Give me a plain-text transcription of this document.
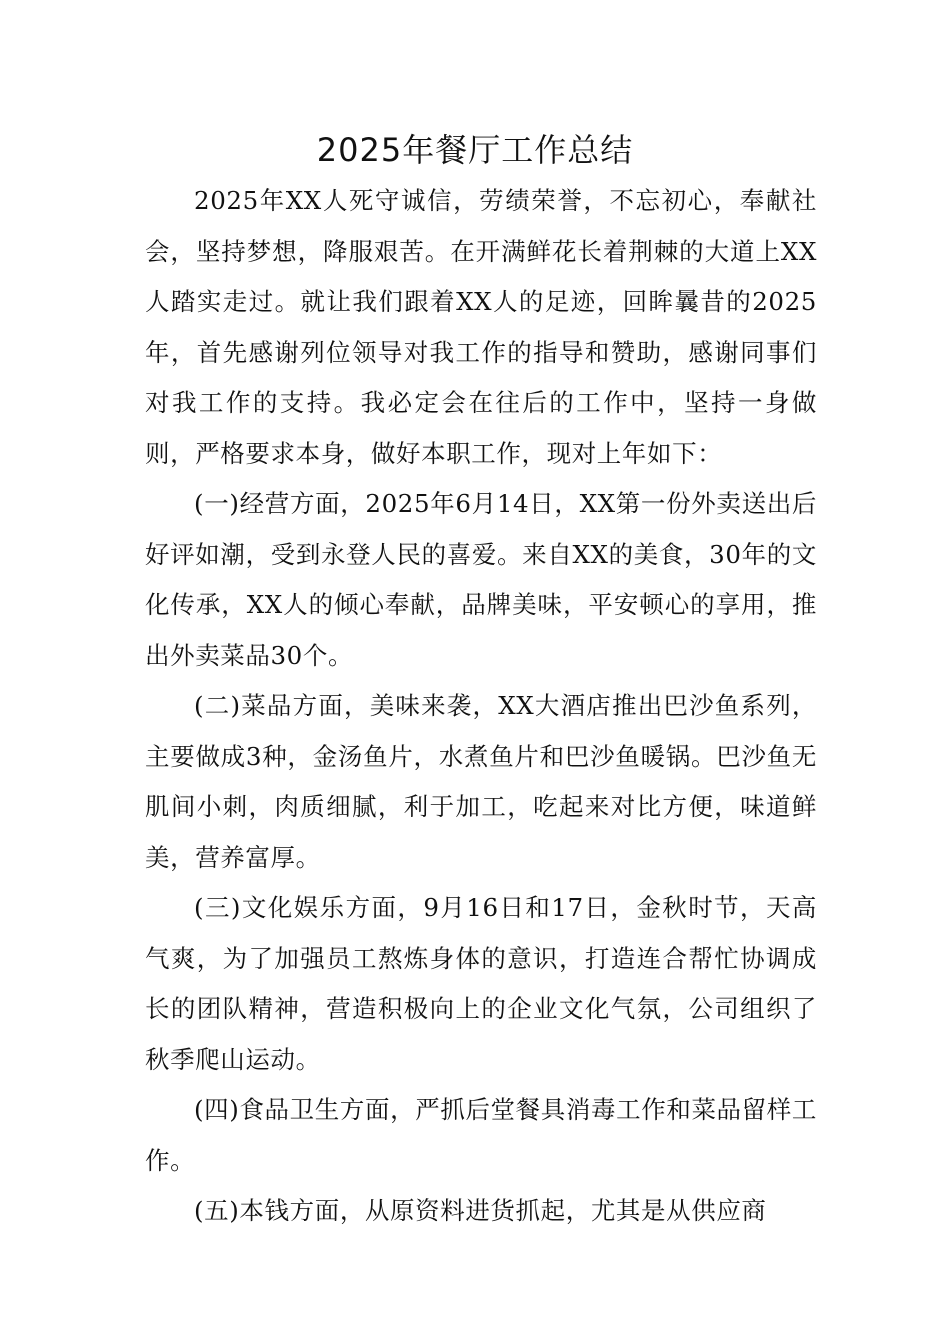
2025年餐厅工作总结

2025年XX人死守诚信，劳绩荣誉，不忘初心，奉献社会，坚持梦想，降服艰苦。在开满鲜花长着荆棘的大道上XX人踏实走过。就让我们跟着XX人的足迹，回眸曩昔的2025年，首先感谢列位领导对我工作的指导和赞助，感谢同事们对我工作的支持。我必定会在往后的工作中，坚持一身做则，严格要求本身，做好本职工作，现对上年如下：

(一)经营方面，2025年6月14日，XX第一份外卖送出后好评如潮，受到永登人民的喜爱。来自XX的美食，30年的文化传承，XX人的倾心奉献，品牌美味，平安顿心的享用，推出外卖菜品30个。

(二)菜品方面，美味来袭，XX大酒店推出巴沙鱼系列，主要做成3种，金汤鱼片，水煮鱼片和巴沙鱼暖锅。巴沙鱼无肌间小刺，肉质细腻，利于加工，吃起来对比方便，味道鲜美，营养富厚。

(三)文化娱乐方面，9月16日和17日，金秋时节，天高气爽，为了加强员工熬炼身体的意识，打造连合帮忙协调成长的团队精神，营造积极向上的企业文化气氛，公司组织了秋季爬山运动。

(四)食品卫生方面，严抓后堂餐具消毒工作和菜品留样工作。

(五)本钱方面，从原资料进货抓起，尤其是从供应商
